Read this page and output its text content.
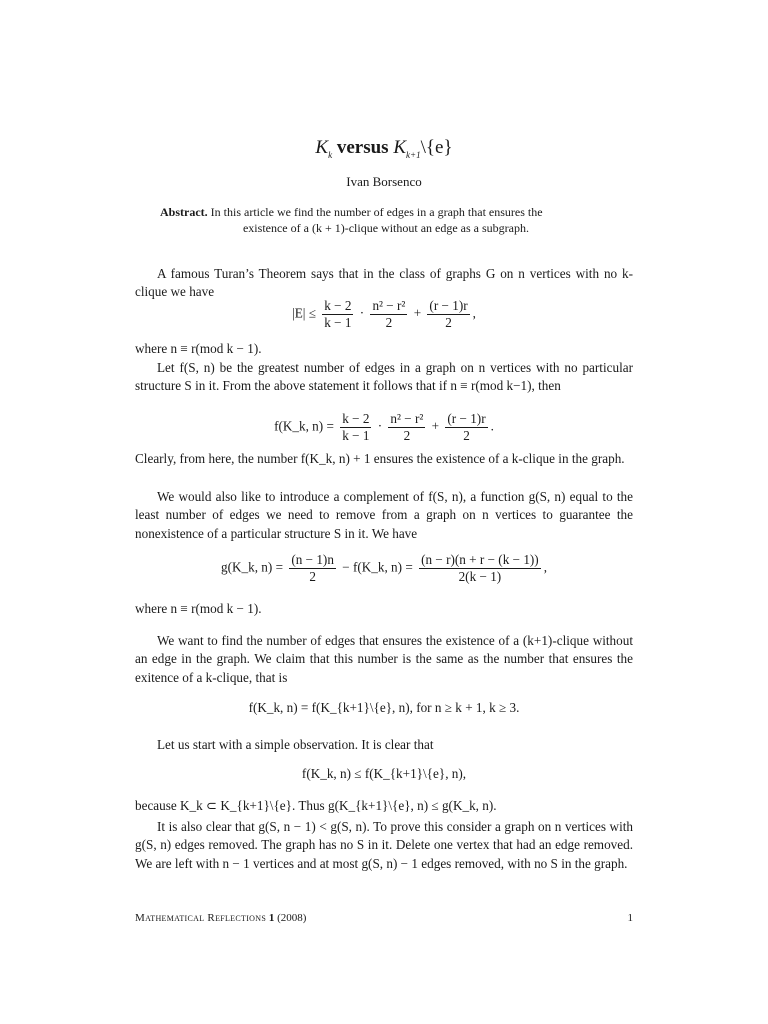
$K_k$ versus $K_{k+1}\backslash\{e\}$
Ivan Borsenco
Abstract. In this article we find the number of edges in a graph that ensures the
existence of a (k + 1)-clique without an edge as a subgraph.
A famous Turan’s Theorem says that in the class of graphs G on n vertices with no k-clique we have
$|E| \le \frac{k - 2}{k - 1} \cdot \frac{\text{n² − r²}}{2} + \frac{(r - 1)r}{2}$ ,
where n ≡ r(mod k − 1).
Let f(S, n) be the greatest number of edges in a graph on n vertices with no particular structure S in it. From the above statement it follows that if n ≡ r(mod k−1), then
f(K_k, $n) = \frac{k - 2}{k - 1} \cdot \frac{\text{n² − r²}}{2} + \frac{(r - 1)r}{2}$ .
Clearly, from here, the number f(K_k, n) + 1 ensures the existence of a k-clique in the graph.
We would also like to introduce a complement of f(S, n), a function g(S, n) equal to the least number of edges we need to remove from a graph on n vertices to guarantee the nonexistence of a particular structure S in it. We have
g(K_k, $n) = \frac{(n - 1)n}{2}$ − f(K_k, $n) = \frac{(n - r)(n + r - (k - 1))}{2(k - 1)}$ ,
where n ≡ r(mod k − 1).
We want to find the number of edges that ensures the existence of a (k+1)-clique without an edge in the graph. We claim that this number is the same as the number that ensures the exitence of a k-clique, that is
f(K_k, n) = f(K_{k+1}\{e}, n), for n ≥ k + 1, k ≥ 3.
Let us start with a simple observation. It is clear that
f(K_k, n) ≤ f(K_{k+1}\{e}, n),
because K_k ⊂ K_{k+1}\{e}. Thus g(K_{k+1}\{e}, n) ≤ g(K_k, n).
It is also clear that g(S, n − 1) < g(S, n). To prove this consider a graph on n vertices with g(S, n) edges removed. The graph has no S in it. Delete one vertex that had an edge removed. We are left with n − 1 vertices and at most g(S, n) − 1 edges removed, with no S in the graph.
Mathematical Reflections 1 (2008)	1
